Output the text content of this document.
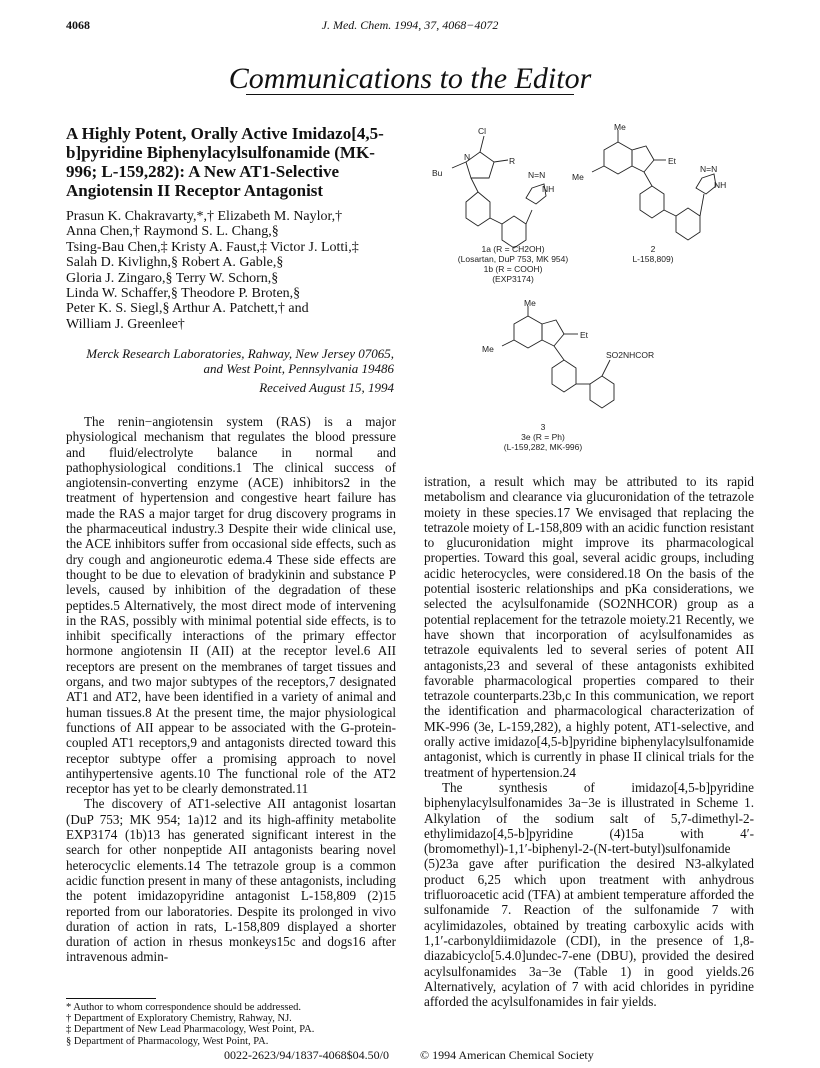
4068	J. Med. Chem. 1994, 37, 4068−4072
Communications to the Editor
A Highly Potent, Orally Active Imidazo[4,5-b]pyridine Biphenylacylsulfonamide (MK-996; L-159,282): A New AT1-Selective Angiotensin II Receptor Antagonist
Prasun K. Chakravarty,*,† Elizabeth M. Naylor,†
Anna Chen,† Raymond S. L. Chang,§
Tsing-Bau Chen,‡ Kristy A. Faust,‡ Victor J. Lotti,‡
Salah D. Kivlighn,§ Robert A. Gable,§
Gloria J. Zingaro,§ Terry W. Schorn,§
Linda W. Schaffer,§ Theodore P. Broten,§
Peter K. S. Siegl,§ Arthur A. Patchett,† and
William J. Greenlee†
Merck Research Laboratories, Rahway, New Jersey 07065,
and West Point, Pennsylvania 19486
Received August 15, 1994

The renin−angiotensin system (RAS) is a major physiological mechanism that regulates the blood pressure and fluid/electrolyte balance in normal and pathophysiological conditions.1 The clinical success of angiotensin-converting enzyme (ACE) inhibitors2 in the treatment of hypertension and congestive heart failure has made the RAS a major target for drug discovery programs in the pharmaceutical industry.3 Despite their wide clinical use, the ACE inhibitors suffer from occasional side effects, such as dry cough and angioneurotic edema.4 These side effects are thought to be due to elevation of bradykinin and substance P levels, caused by inhibition of the degradation of these peptides.5 Alternatively, the most direct mode of intervening in the RAS, possibly with minimal potential side effects, is to inhibit specifically interactions of the primary effector hormone angiotensin II (AII) at the receptor level.6 AII receptors are present on the membranes of target tissues and organs, and two major subtypes of the receptors,7 designated AT1 and AT2, have been identified in a variety of animal and human tissues.8 At the present time, the major physiological functions of AII appear to be associated with the G-protein-coupled AT1 receptors,9 and antagonists directed toward this receptor subtype offer a promising approach to novel antihypertensive agents.10 The functional role of the AT2 receptor has yet to be clearly demonstrated.11

The discovery of AT1-selective AII antagonist losartan (DuP 753; MK 954; 1a)12 and its high-affinity metabolite EXP3174 (1b)13 has generated significant interest in the search for other nonpeptide AII antagonists bearing novel heterocyclic elements.14 The tetrazole group is a common acidic function present in many of these antagonists, including the potent imidazopyridine antagonist L-158,809 (2)15 reported from our laboratories. Despite its prolonged in vivo duration of action in rats, L-158,809 displayed a shorter duration of action in rhesus monkeys15c and dogs16 after intravenous admin-

* Author to whom correspondence should be addressed.
† Department of Exploratory Chemistry, Rahway, NJ.
‡ Department of New Lead Pharmacology, West Point, PA.
§ Department of Pharmacology, West Point, PA.
Cl
N
Bu
R
N=N
NH
1a (R = CH2OH)
(Losartan, DuP 753, MK 954)
1b (R = COOH)
(EXP3174)
Me
Et
Me
N=N
NH
2
L-158,809)
Me
Et
Me
SO2NHCOR
3
3e (R = Ph)
(L-159,282, MK-996)

istration, a result which may be attributed to its rapid metabolism and clearance via glucuronidation of the tetrazole moiety in these species.17 We envisaged that replacing the tetrazole moiety of L-158,809 with an acidic function resistant to glucuronidation might improve its pharmacological properties. Toward this goal, several acidic groups, including acidic heterocycles, were considered.18 On the basis of the potential isosteric relationships and pKa considerations, we selected the acylsulfonamide (SO2NHCOR) group as a potential replacement for the tetrazole moiety.21 Recently, we have shown that incorporation of acylsulfonamides as tetrazole equivalents led to several series of potent AII antagonists,23 and several of these antagonists exhibited favorable pharmacological properties compared to their tetrazole counterparts.23b,c In this communication, we report the identification and pharmacological characterization of MK-996 (3e, L-159,282), a highly potent, AT1-selective, and orally active imidazo[4,5-b]pyridine biphenylacylsulfonamide antagonist, which is currently in phase II clinical trials for the treatment of hypertension.24

The synthesis of imidazo[4,5-b]pyridine biphenylacylsulfonamides 3a−3e is illustrated in Scheme 1. Alkylation of the sodium salt of 5,7-dimethyl-2-ethylimidazo[4,5-b]pyridine (4)15a with 4′-(bromomethyl)-1,1′-biphenyl-2-(N-tert-butyl)sulfonamide (5)23a gave after purification the desired N3-alkylated product 6,25 which upon treatment with anhydrous trifluoroacetic acid (TFA) at ambient temperature afforded the sulfonamide 7. Reaction of the sulfonamide 7 with acylimidazoles, obtained by treating carboxylic acids with 1,1′-carbonyldiimidazole (CDI), in the presence of 1,8-diazabicyclo[5.4.0]undec-7-ene (DBU), provided the desired acylsulfonamides 3a−3e (Table 1) in good yields.26 Alternatively, acylation of 7 with acid chlorides in pyridine afforded the acylsulfonamides in fair yields.

0022-2623/94/1837-4068$04.50/0	© 1994 American Chemical Society
